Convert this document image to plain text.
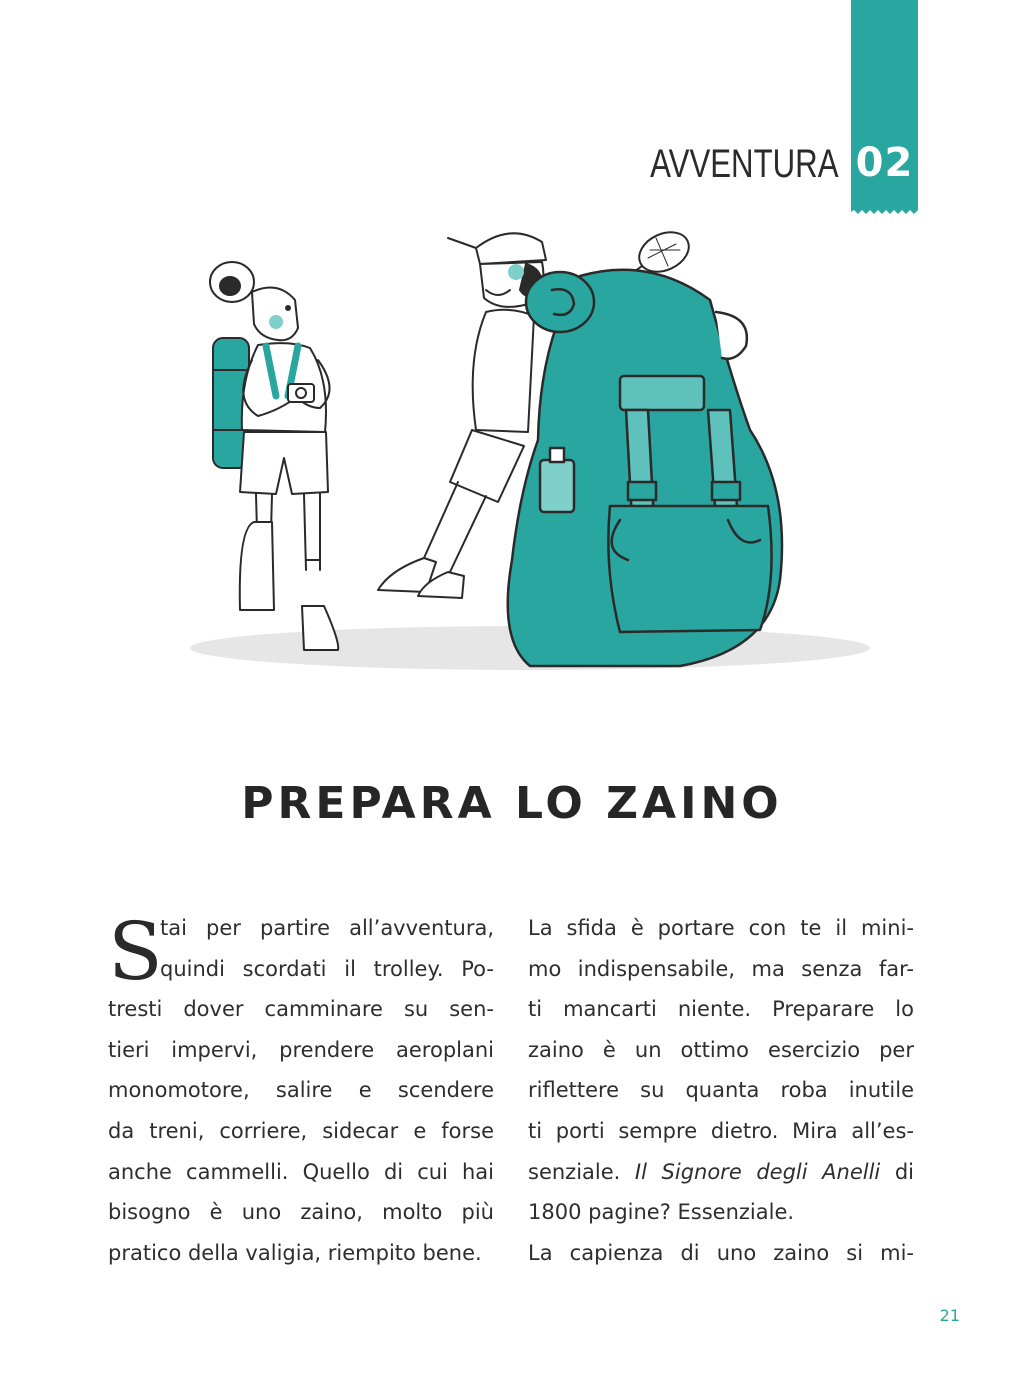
02
AVVENTURA
PREPARA LO ZAINO
S
tai per partire all’avventura,
quindi scordati il trolley. Po-
tresti dover camminare su sen-
tieri impervi, prendere aeroplani
monomotore, salire e scendere
da treni, corriere, sidecar e forse
anche cammelli. Quello di cui hai
bisogno è uno zaino, molto più
pratico della valigia, riempito bene.
La sfida è portare con te il mini-
mo indispensabile, ma senza far-
ti mancarti niente. Preparare lo
zaino è un ottimo esercizio per
riflettere su quanta roba inutile
ti porti sempre dietro. Mira all’es-
senziale. Il Signore degli Anelli di
1800 pagine? Essenziale.
La capienza di uno zaino si mi-
21
